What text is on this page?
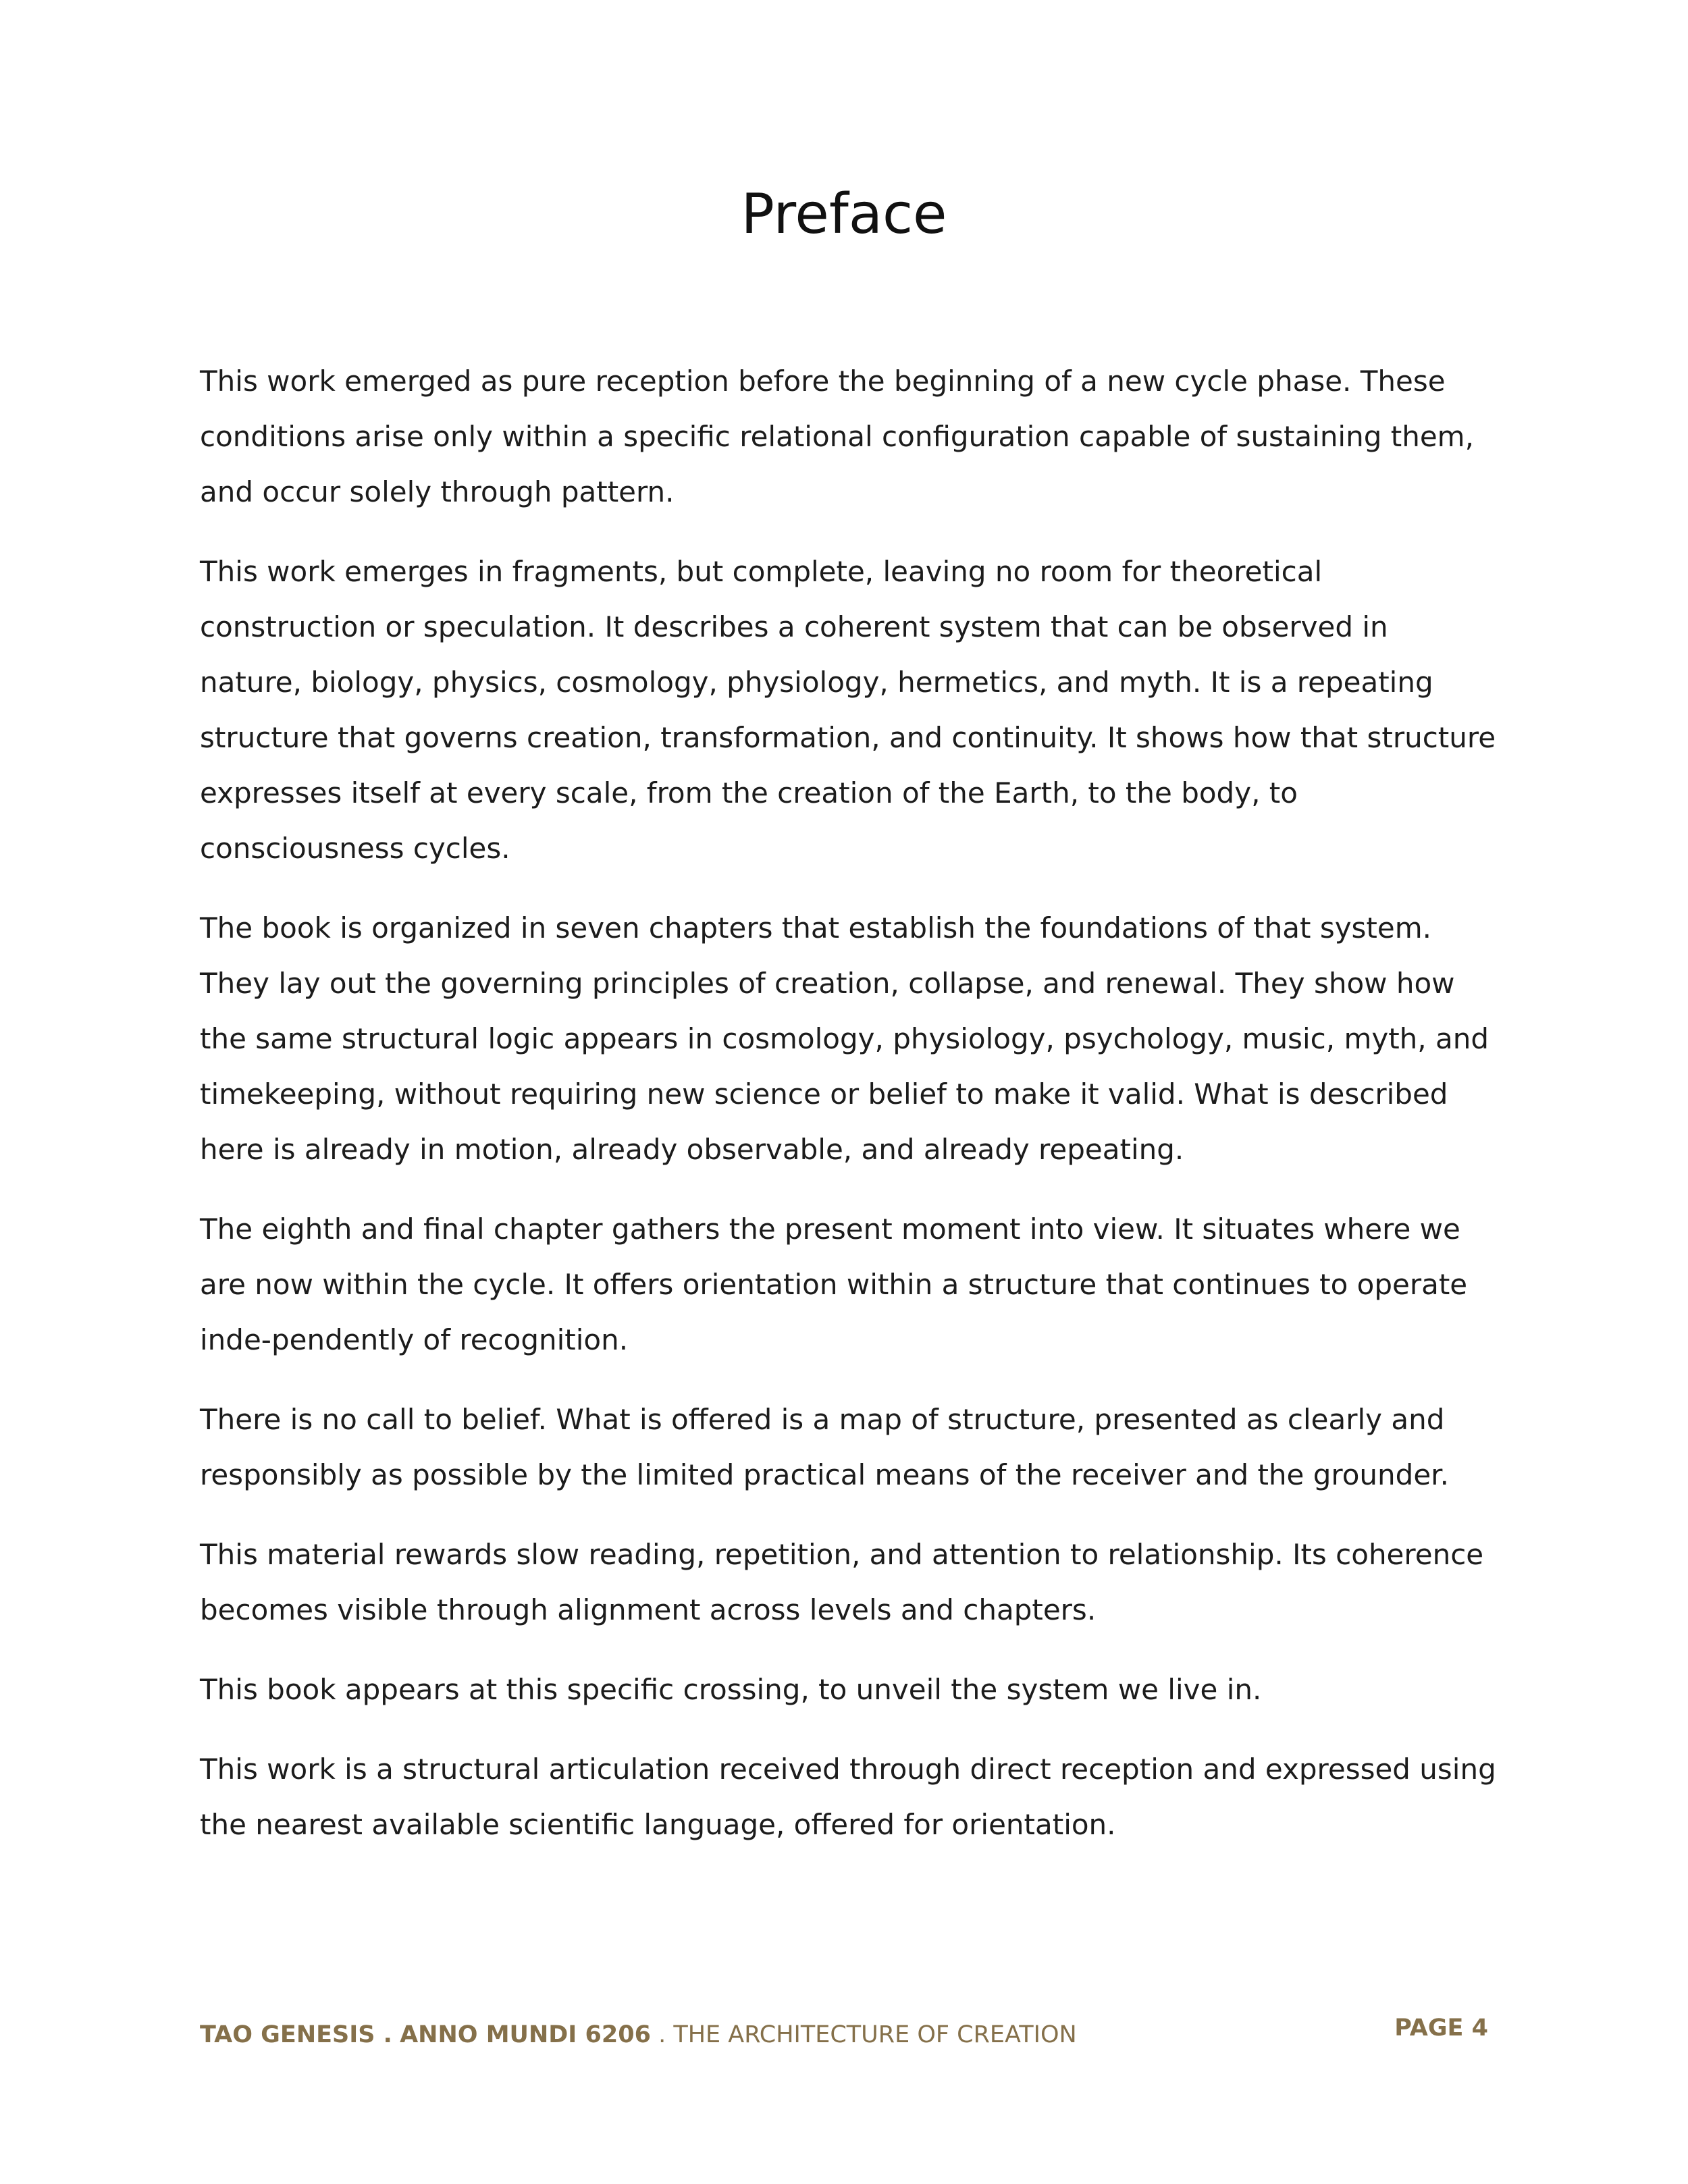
Preface

This work emerged as pure reception before the beginning of a new cycle phase. These conditions arise only within a specific relational configuration capable of sustaining them, and occur solely through pattern.

This work emerges in fragments, but complete, leaving no room for theoretical construction or speculation. It describes a coherent system that can be observed in nature, biology, physics, cosmology, physiology, hermetics, and myth. It is a repeating structure that governs creation, transformation, and continuity. It shows how that structure expresses itself at every scale, from the creation of the Earth, to the body, to consciousness cycles.

The book is organized in seven chapters that establish the foundations of that system. They lay out the governing principles of creation, collapse, and renewal. They show how the same structural logic appears in cosmology, physiology, psychology, music, myth, and timekeeping, without requiring new science or belief to make it valid. What is described here is already in motion, already observable, and already repeating.

The eighth and final chapter gathers the present moment into view. It situates where we are now within the cycle. It offers orientation within a structure that continues to operate inde-pendently of recognition.

There is no call to belief. What is offered is a map of structure, presented as clearly and responsibly as possible by the limited practical means of the receiver and the grounder.

This material rewards slow reading, repetition, and attention to relationship. Its coherence becomes visible through alignment across levels and chapters.

This book appears at this specific crossing, to unveil the system we live in.

This work is a structural articulation received through direct reception and expressed using the nearest available scientific language, offered for orientation.

TAO GENESIS . ANNO MUNDI 6206 . THE ARCHITECTURE OF CREATION	PAGE 4
